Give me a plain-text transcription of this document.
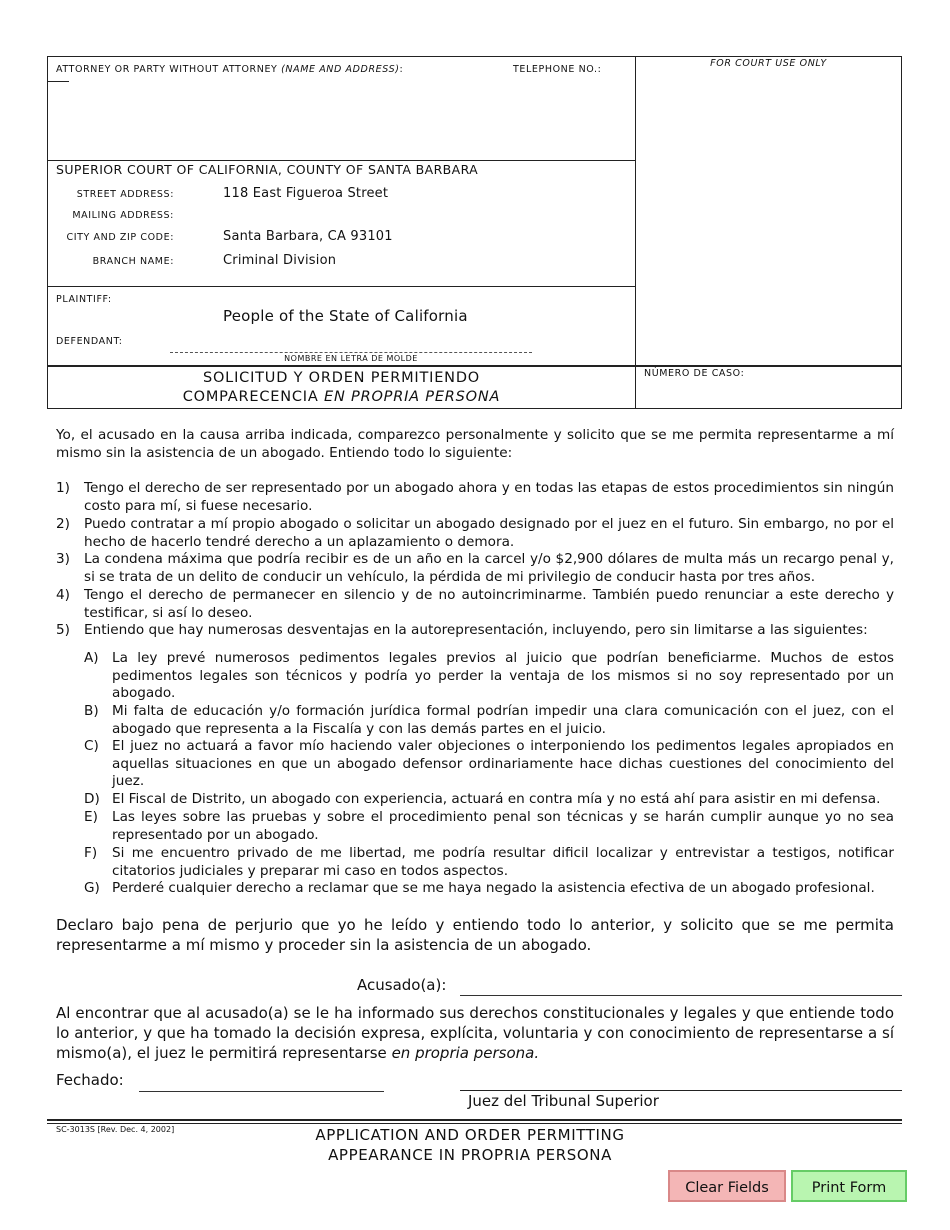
ATTORNEY OR PARTY WITHOUT ATTORNEY (NAME AND ADDRESS):	TELEPHONE NO.:
FOR COURT USE ONLY
SUPERIOR COURT OF CALIFORNIA, COUNTY OF SANTA BARBARA
STREET ADDRESS:	118 East Figueroa Street
MAILING ADDRESS:
CITY AND ZIP CODE:	Santa Barbara, CA 93101
BRANCH NAME:	Criminal Division
PLAINTIFF:
People of the State of California
DEFENDANT:
NOMBRE EN LETRA DE MOLDE
SOLICITUD Y ORDEN PERMITIENDO
COMPARECENCIA EN PROPRIA PERSONA
NÚMERO DE CASO:
Yo, el acusado en la causa arriba indicada, comparezco personalmente y solicito que se me permita representarme a mí mismo sin la asistencia de un abogado. Entiendo todo lo siguiente:
1) Tengo el derecho de ser representado por un abogado ahora y en todas las etapas de estos procedimientos sin ningún costo para mí, si fuese necesario.
2) Puedo contratar a mí propio abogado o solicitar un abogado designado por el juez en el futuro. Sin embargo, no por el hecho de hacerlo tendré derecho a un aplazamiento o demora.
3) La condena máxima que podría recibir es de un año en la carcel y/o $2,900 dólares de multa más un recargo penal y, si se trata de un delito de conducir un vehículo, la pérdida de mi privilegio de conducir hasta por tres años.
4) Tengo el derecho de permanecer en silencio y de no autoincriminarme. También puedo renunciar a este derecho y testificar, si así lo deseo.
5) Entiendo que hay numerosas desventajas en la autorepresentación, incluyendo, pero sin limitarse a las siguientes:
A) La ley prevé numerosos pedimentos legales previos al juicio que podrían beneficiarme. Muchos de estos pedimentos legales son técnicos y podría yo perder la ventaja de los mismos si no soy representado por un abogado.
B) Mi falta de educación y/o formación jurídica formal podrían impedir una clara comunicación con el juez, con el abogado que representa a la Fiscalía y con las demás partes en el juicio.
C) El juez no actuará a favor mío haciendo valer objeciones o interponiendo los pedimentos legales apropiados en aquellas situaciones en que un abogado defensor ordinariamente hace dichas cuestiones del conocimiento del juez.
D) El Fiscal de Distrito, un abogado con experiencia, actuará en contra mía y no está ahí para asistir en mi defensa.
E) Las leyes sobre las pruebas y sobre el procedimiento penal son técnicas y se harán cumplir aunque yo no sea representado por un abogado.
F) Si me encuentro privado de me libertad, me podría resultar dificil localizar y entrevistar a testigos, notificar citatorios judiciales y preparar mi caso en todos aspectos.
G) Perderé cualquier derecho a reclamar que se me haya negado la asistencia efectiva de un abogado profesional.
Declaro bajo pena de perjurio que yo he leído y entiendo todo lo anterior, y solicito que se me permita representarme a mí mismo y proceder sin la asistencia de un abogado.
Acusado(a):
Al encontrar que al acusado(a) se le ha informado sus derechos constitucionales y legales y que entiende todo lo anterior, y que ha tomado la decisión expresa, explícita, voluntaria y con conocimiento de representarse a sí mismo(a), el juez le permitirá representarse en propria persona.
Fechado:
Juez del Tribunal Superior
SC-3013S [Rev. Dec. 4, 2002]	APPLICATION AND ORDER PERMITTING
APPEARANCE IN PROPRIA PERSONA
Clear Fields	Print Form
